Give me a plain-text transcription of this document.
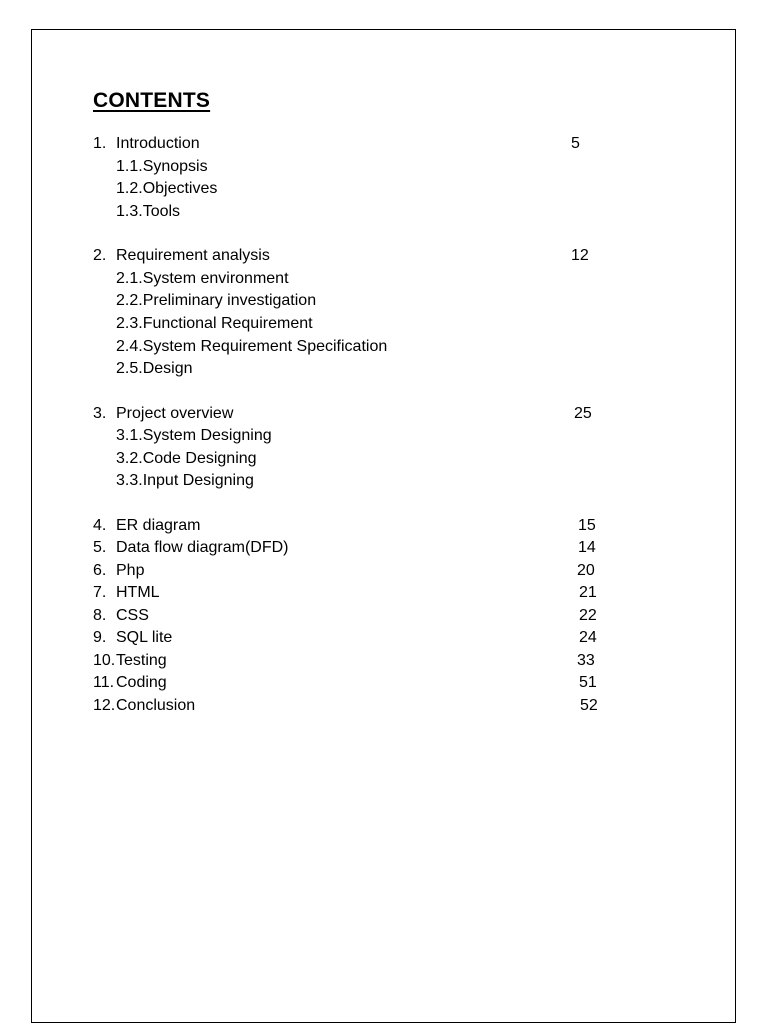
CONTENTS
1. Introduction	5
1.1.Synopsis
1.2.Objectives
1.3.Tools
2. Requirement analysis	12
2.1.System environment
2.2.Preliminary investigation
2.3.Functional Requirement
2.4.System Requirement Specification
2.5.Design
3. Project overview	25
3.1.System Designing
3.2.Code Designing
3.3.Input Designing
4. ER diagram	15
5. Data flow diagram(DFD)	14
6. Php	20
7. HTML	21
8. CSS	22
9. SQL lite	24
10. Testing	33
11. Coding	51
12. Conclusion	52
